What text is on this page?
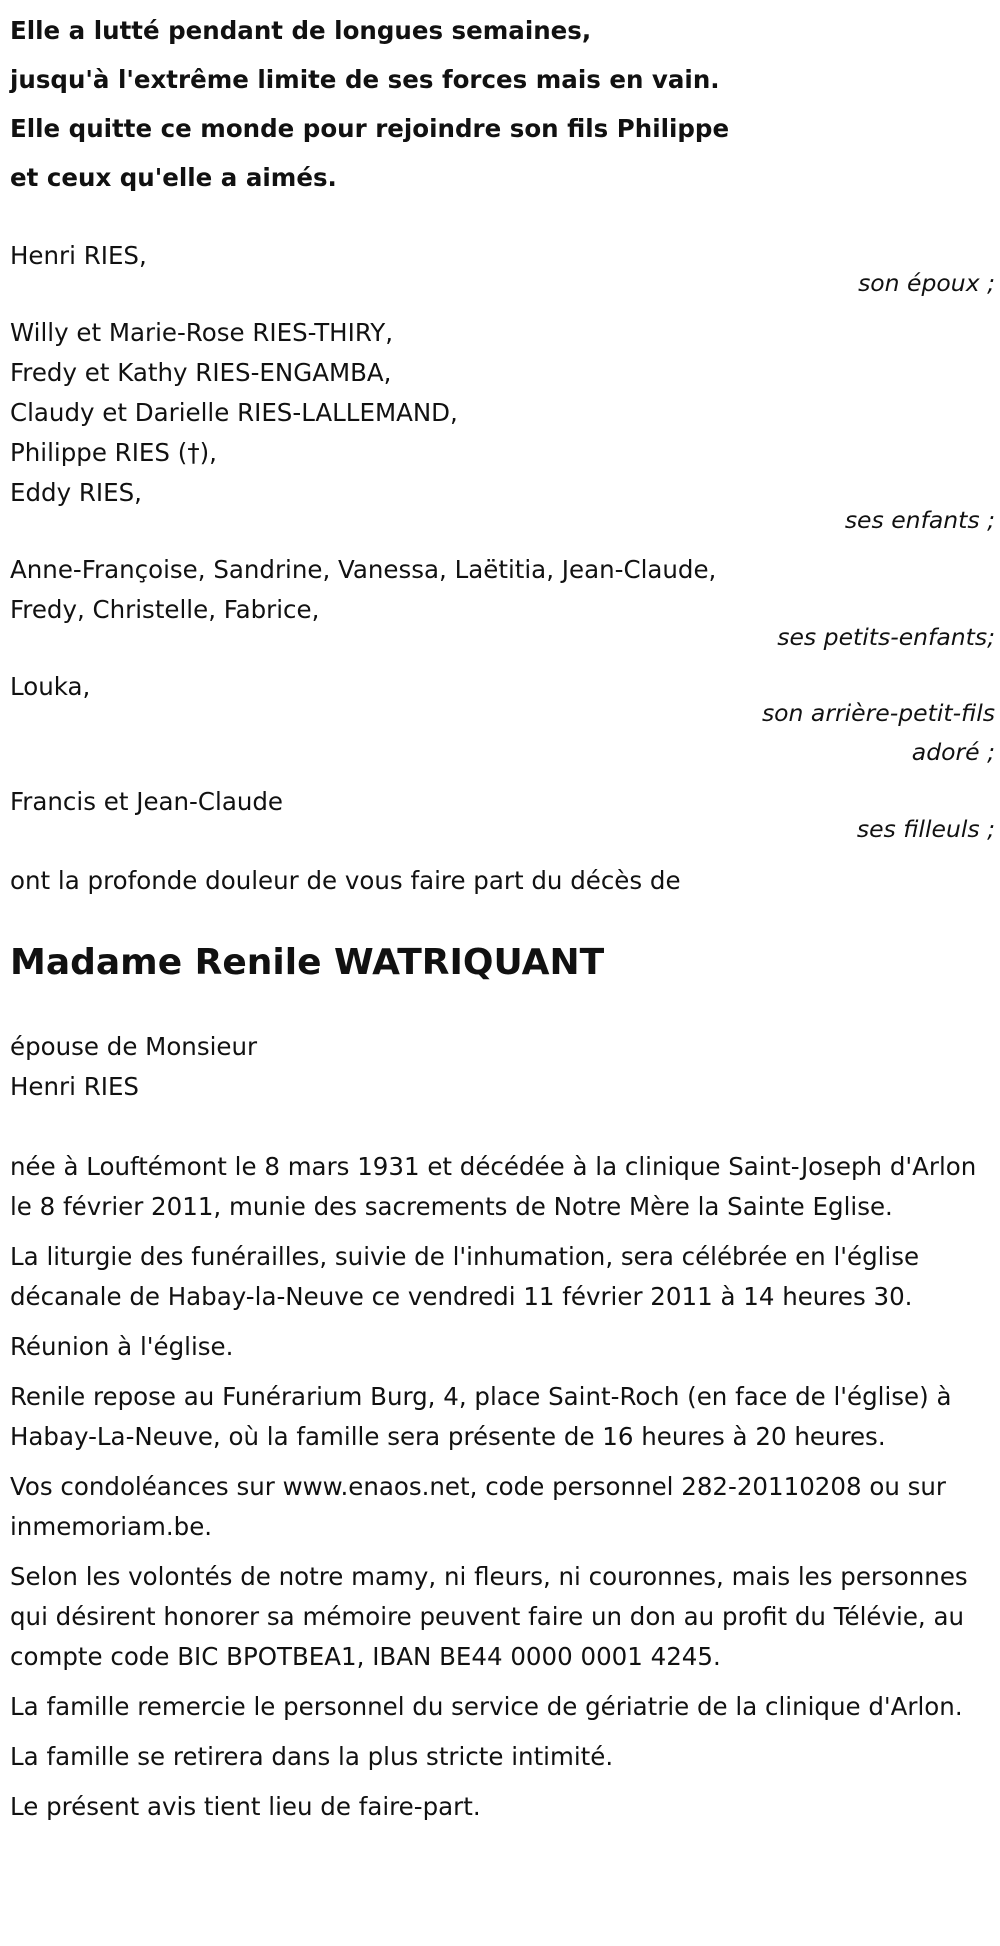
Elle a lutté pendant de longues semaines,
jusqu'à l'extrême limite de ses forces mais en vain.
Elle quitte ce monde pour rejoindre son fils Philippe
et ceux qu'elle a aimés.
Henri RIES,
son époux ;
Willy et Marie-Rose RIES-THIRY,
Fredy et Kathy RIES-ENGAMBA,
Claudy et Darielle RIES-LALLEMAND,
Philippe RIES (†),
Eddy RIES,
ses enfants ;
Anne-Françoise, Sandrine, Vanessa, Laëtitia, Jean-Claude,
Fredy, Christelle, Fabrice,
ses petits-enfants;
Louka,
son arrière-petit-fils
adoré ;
Francis et Jean-Claude
ses filleuls ;
ont la profonde douleur de vous faire part du décès de
Madame Renile WATRIQUANT
épouse de Monsieur
Henri RIES

née à Louftémont le 8 mars 1931 et décédée à la clinique Saint-Joseph d'Arlon le 8 février 2011, munie des sacrements de Notre Mère la Sainte Eglise.

La liturgie des funérailles, suivie de l'inhumation, sera célébrée en l'église décanale de Habay-la-Neuve ce vendredi 11 février 2011 à 14 heures 30.

Réunion à l'église.

Renile repose au Funérarium Burg, 4, place Saint-Roch (en face de l'église) à Habay-La-Neuve, où la famille sera présente de 16 heures à 20 heures.

Vos condoléances sur www.enaos.net, code personnel 282-20110208 ou sur inmemoriam.be.

Selon les volontés de notre mamy, ni fleurs, ni couronnes, mais les personnes qui désirent honorer sa mémoire peuvent faire un don au profit du Télévie, au compte code BIC BPOTBEA1, IBAN BE44 0000 0001 4245.

La famille remercie le personnel du service de gériatrie de la clinique d'Arlon.

La famille se retirera dans la plus stricte intimité.

Le présent avis tient lieu de faire-part.
